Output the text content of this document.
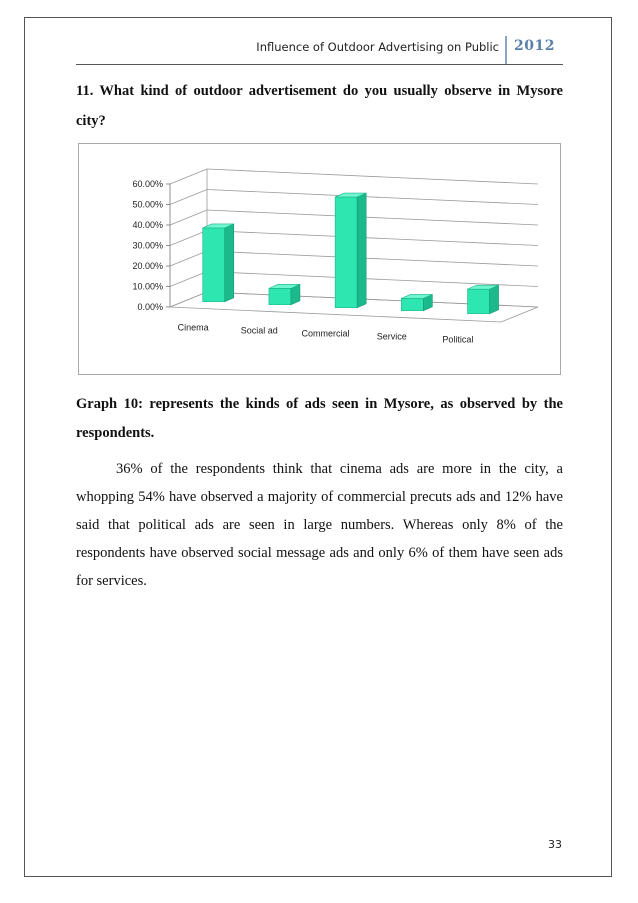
Influence of Outdoor Advertising on Public 2012
11. What kind of outdoor advertisement do you usually observe in Mysore city?
0.00%
10.00%
20.00%
30.00%
40.00%
50.00%
60.00%
Cinema	Social ad	Commercial	Service	Political
Graph 10: represents the kinds of ads seen in Mysore, as observed by the respondents.
36% of the respondents think that cinema ads are more in the city, a whopping 54% have observed a majority of commercial precuts ads and 12% have said that political ads are seen in large numbers. Whereas only 8% of the respondents have observed social message ads and only 6% of them have seen ads for services.
33
